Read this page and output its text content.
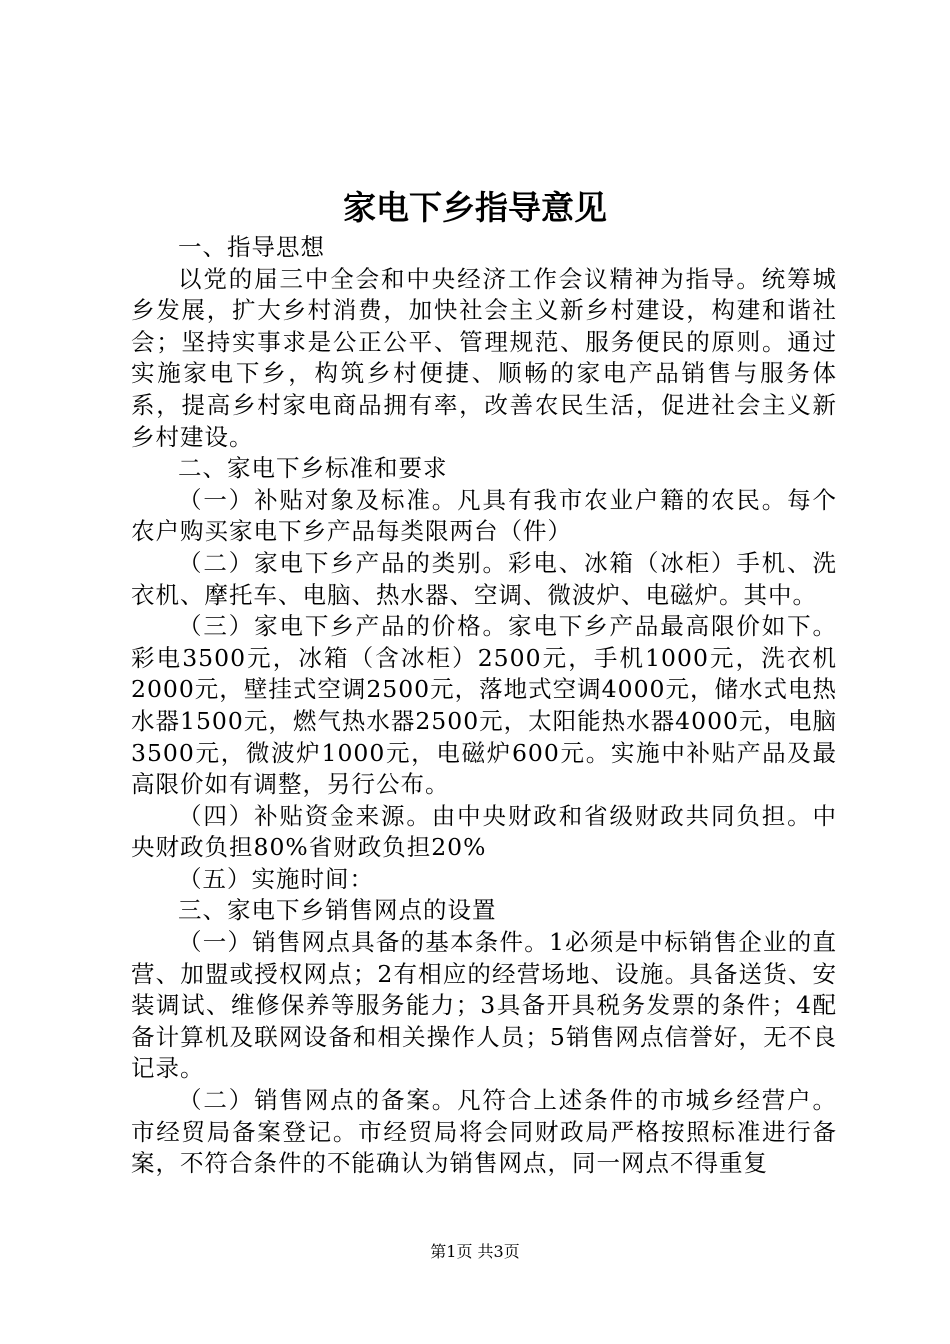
家电下乡指导意见

一、指导思想

以党的届三中全会和中央经济工作会议精神为指导。统筹城乡发展，扩大乡村消费，加快社会主义新乡村建设，构建和谐社会；坚持实事求是公正公平、管理规范、服务便民的原则。通过实施家电下乡，构筑乡村便捷、顺畅的家电产品销售与服务体系，提高乡村家电商品拥有率，改善农民生活，促进社会主义新乡村建设。

二、家电下乡标准和要求

（一）补贴对象及标准。凡具有我市农业户籍的农民。每个农户购买家电下乡产品每类限两台（件）

（二）家电下乡产品的类别。彩电、冰箱（冰柜）手机、洗衣机、摩托车、电脑、热水器、空调、微波炉、电磁炉。其中。

（三）家电下乡产品的价格。家电下乡产品最高限价如下。彩电3500元，冰箱（含冰柜）2500元，手机1000元，洗衣机2000元，壁挂式空调2500元，落地式空调4000元，储水式电热水器1500元，燃气热水器2500元，太阳能热水器4000元，电脑3500元，微波炉1000元，电磁炉600元。实施中补贴产品及最高限价如有调整，另行公布。

（四）补贴资金来源。由中央财政和省级财政共同负担。中央财政负担80%省财政负担20%

（五）实施时间：

三、家电下乡销售网点的设置

（一）销售网点具备的基本条件。1必须是中标销售企业的直营、加盟或授权网点；2有相应的经营场地、设施。具备送货、安装调试、维修保养等服务能力；3具备开具税务发票的条件；4配备计算机及联网设备和相关操作人员；5销售网点信誉好，无不良记录。

（二）销售网点的备案。凡符合上述条件的市城乡经营户。市经贸局备案登记。市经贸局将会同财政局严格按照标准进行备案，不符合条件的不能确认为销售网点，同一网点不得重复

第1页 共3页
